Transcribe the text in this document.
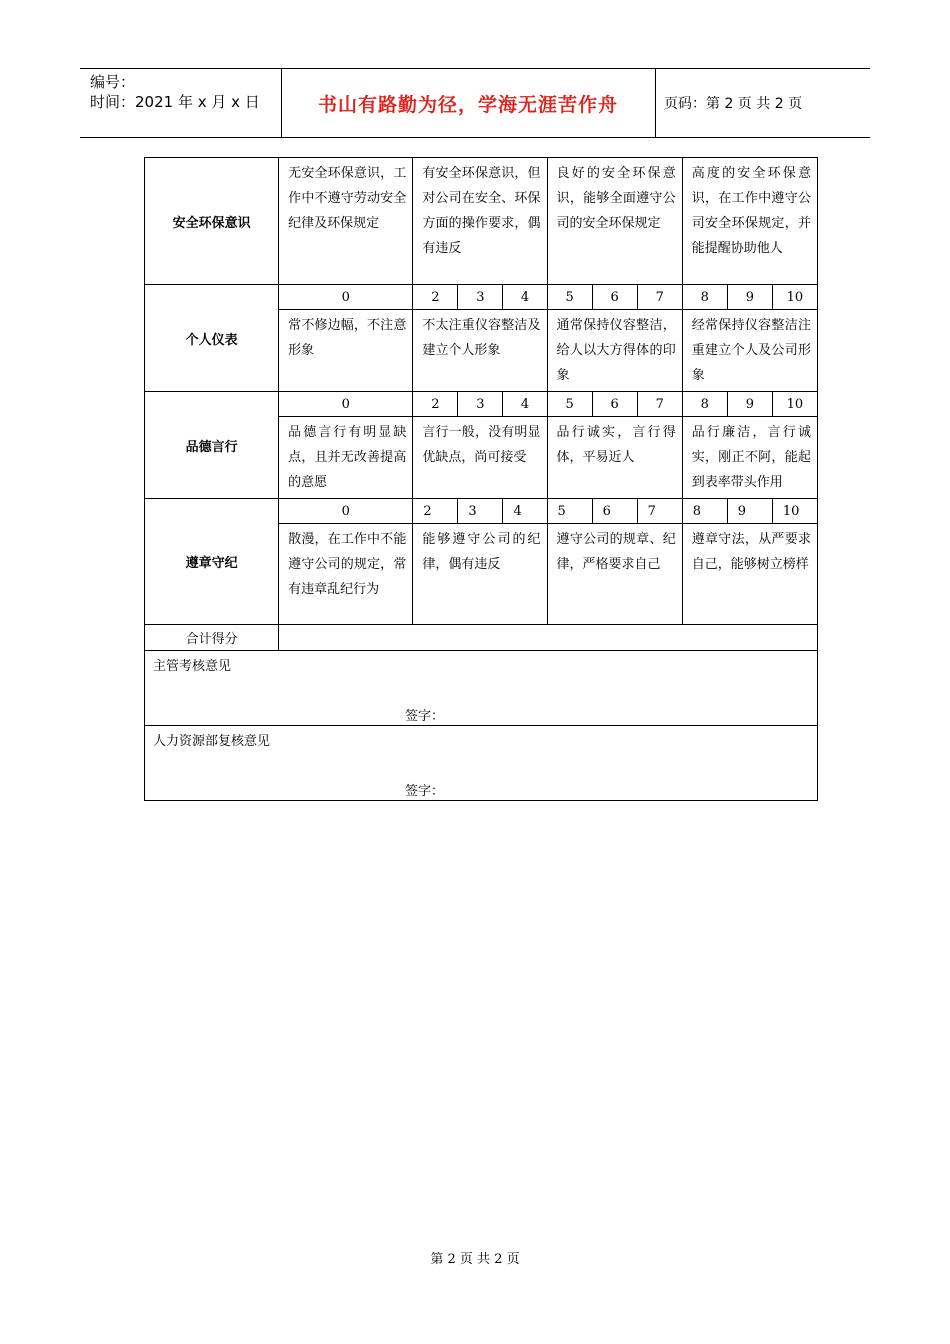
编号：
时间：2021 年 x 月 x 日	书山有路勤为径，学海无涯苦作舟	页码：第 2 页 共 2 页
安全环保意识	无安全环保意识，工作中不遵守劳动安全纪律及环保规定	有安全环保意识，但对公司在安全、环保方面的操作要求，偶有违反			良好的安全环保意识，能够全面遵守公司的安全环保规定			高度的安全环保意识，在工作中遵守公司安全环保规定，并能提醒协助他人		
个人仪表	0	2	3	4	5	6	7	8	9	10
	常不修边幅，不注意形象	不太注重仪容整洁及建立个人形象			通常保持仪容整洁，给人以大方得体的印象			经常保持仪容整洁注重建立个人及公司形象		
品德言行	0	2	3	4	5	6	7	8	9	10
	品德言行有明显缺点，且并无改善提高的意愿	言行一般，没有明显优缺点，尚可接受			品行诚实，言行得体，平易近人			品行廉洁，言行诚实，刚正不阿，能起到表率带头作用		
遵章守纪	0	2	3	4	5	6	7	8	9	10
	散漫，在工作中不能遵守公司的规定，常有违章乱纪行为	能够遵守公司的纪律，偶有违反			遵守公司的规章、纪律，严格要求自己			遵章守法，从严要求自己，能够树立榜样		
合计得分										

主管考核意见
签字：										

人力资源部复核意见
签字：										
第 2 页 共 2 页
